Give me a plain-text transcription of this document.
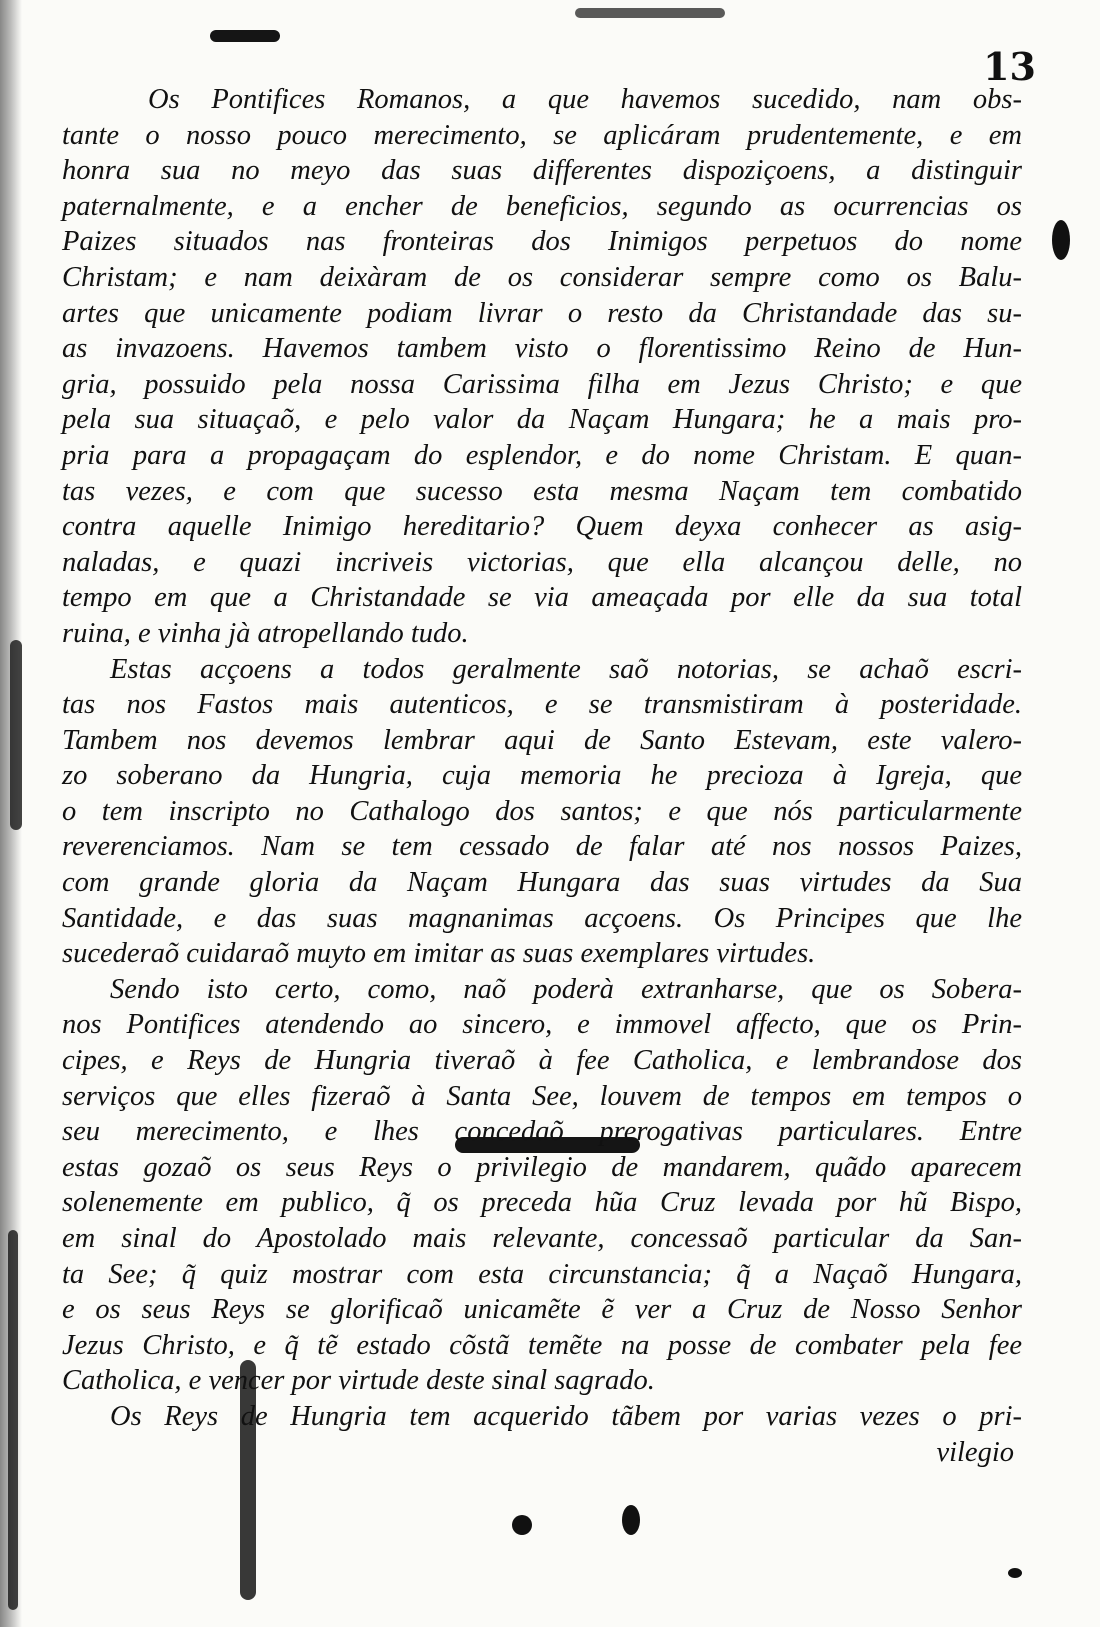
13

Os Pontifices Romanos, a que havemos sucedido, nam obs-
tante o nosso pouco merecimento, se aplicáram prudentemente, e em
honra sua no meyo das suas differentes dispoziçoens, a distinguir
paternalmente, e a encher de beneficios, segundo as ocurrencias os
Paizes situados nas fronteiras dos Inimigos perpetuos do nome
Christam; e nam deixàram de os considerar sempre como os Balu-
artes que unicamente podiam livrar o resto da Christandade das su-
as invazoens. Havemos tambem visto o florentissimo Reino de Hun-
gria, possuido pela nossa Carissima filha em Jezus Christo; e que
pela sua situaçaõ, e pelo valor da Naçam Hungara; he a mais pro-
pria para a propagaçam do esplendor, e do nome Christam. E quan-
tas vezes, e com que sucesso esta mesma Naçam tem combatido
contra aquelle Inimigo hereditario? Quem deyxa conhecer as asig-
naladas, e quazi incriveis victorias, que ella alcançou delle, no
tempo em que a Christandade se via ameaçada por elle da sua total
ruina, e vinha jà atropellando tudo.

Estas acçoens a todos geralmente saõ notorias, se achaõ escri-
tas nos Fastos mais autenticos, e se transmistiram à posteridade.
Tambem nos devemos lembrar aqui de Santo Estevam, este valero-
zo soberano da Hungria, cuja memoria he precioza à Igreja, que
o tem inscripto no Cathalogo dos santos; e que nós particularmente
reverenciamos. Nam se tem cessado de falar até nos nossos Paizes,
com grande gloria da Naçam Hungara das suas virtudes da Sua
Santidade, e das suas magnanimas acçoens. Os Principes que lhe
sucederaõ cuidaraõ muyto em imitar as suas exemplares virtudes.

Sendo isto certo, como, naõ poderà extranharse, que os Sobera-
nos Pontifices atendendo ao sincero, e immovel affecto, que os Prin-
cipes, e Reys de Hungria tiveraõ à fee Catholica, e lembrandose dos
serviços que elles fizeraõ à Santa See, louvem de tempos em tempos o
seu merecimento, e lhes concedaõ prerogativas particulares. Entre
estas gozaõ os seus Reys o privilegio de mandarem, quãdo aparecem
solenemente em publico, q̃ os preceda hũa Cruz levada por hũ Bispo,
em sinal do Apostolado mais relevante, concessaõ particular da San-
ta See; q̃ quiz mostrar com esta circunstancia; q̃ a Naçaõ Hungara,
e os seus Reys se glorificaõ unicamẽte ẽ ver a Cruz de Nosso Senhor
Jezus Christo, e q̃ tẽ estado cõstã temẽte na posse de combater pela fee
Catholica, e vencer por virtude deste sinal sagrado.

Os Reys de Hungria tem acquerido tãbem por varias vezes o pri-
vilegio
